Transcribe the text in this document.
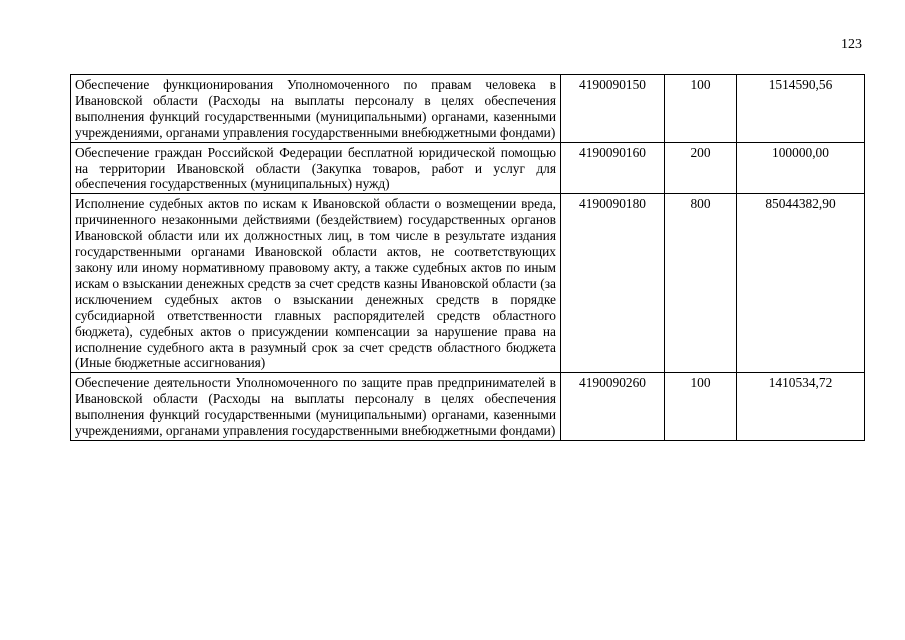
123
Обеспечение функционирования Уполномоченного по правам человека в Ивановской области (Расходы на выплаты персоналу в целях обеспечения выполнения функций государственными (муниципальными) органами, казенными учреждениями, органами управления государственными внебюджетными фондами)	4190090150	100	1514590,56
Обеспечение граждан Российской Федерации бесплатной юридической помощью на территории Ивановской области (Закупка товаров, работ и услуг для обеспечения государственных (муниципальных) нужд)	4190090160	200	100000,00
Исполнение судебных актов по искам к Ивановской области о возмещении вреда, причиненного незаконными действиями (бездействием) государственных органов Ивановской области или их должностных лиц, в том числе в результате издания государственными органами Ивановской области актов, не соответствующих закону или иному нормативному правовому акту, а также судебных актов по иным искам о взыскании денежных средств за счет средств казны Ивановской области (за исключением судебных актов о взыскании денежных средств в порядке субсидиарной ответственности главных распорядителей средств областного бюджета), судебных актов о присуждении компенсации за нарушение права на исполнение судебного акта в разумный срок за счет средств областного бюджета (Иные бюджетные ассигнования)	4190090180	800	85044382,90
Обеспечение деятельности Уполномоченного по защите прав предпринимателей в Ивановской области (Расходы на выплаты персоналу в целях обеспечения выполнения функций государственными (муниципальными) органами, казенными учреждениями, органами управления государственными внебюджетными фондами)	4190090260	100	1410534,72
